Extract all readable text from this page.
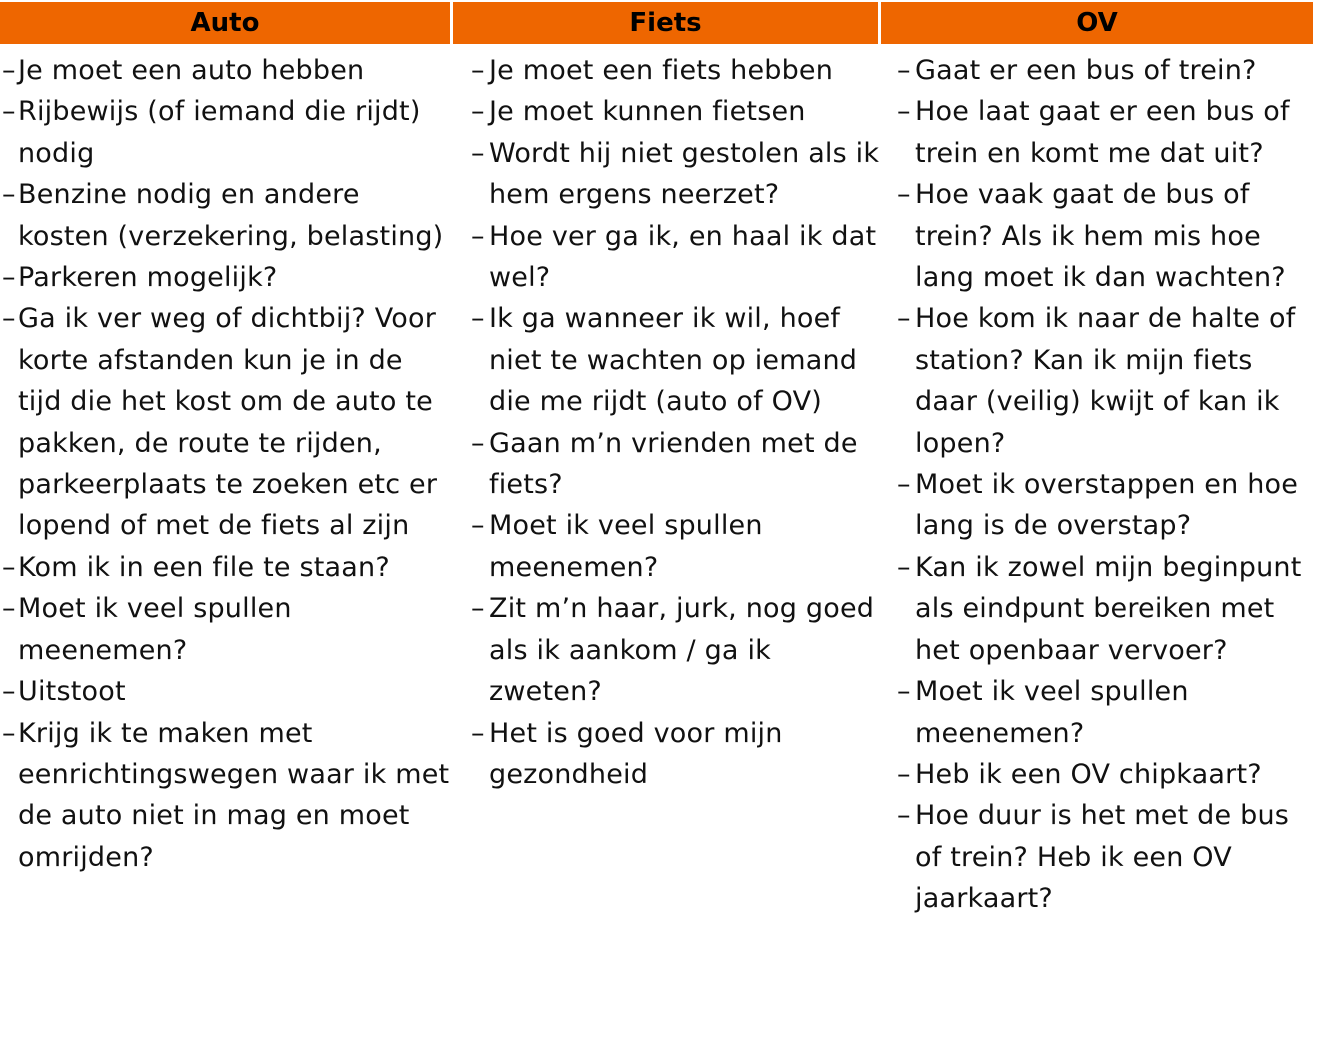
Auto	Fiets	OV
– Je moet een auto hebben
– Rijbewijs (of iemand die rijdt) nodig
– Benzine nodig en andere kosten (verzekering, belasting)
– Parkeren mogelijk?
– Ga ik ver weg of dichtbij? Voor korte afstanden kun je in de tijd die het kost om de auto te pakken, de route te rijden, parkeerplaats te zoeken etc er lopend of met de fiets al zijn
– Kom ik in een file te staan?
– Moet ik veel spullen meenemen?
– Uitstoot
– Krijg ik te maken met eenrichtingswegen waar ik met de auto niet in mag en moet omrijden?
– Je moet een fiets hebben
– Je moet kunnen fietsen
– Wordt hij niet gestolen als ik hem ergens neerzet?
– Hoe ver ga ik, en haal ik dat wel?
– Ik ga wanneer ik wil, hoef niet te wachten op iemand die me rijdt (auto of OV)
– Gaan m’n vrienden met de fiets?
– Moet ik veel spullen meenemen?
– Zit m’n haar, jurk, nog goed als ik aankom / ga ik zweten?
– Het is goed voor mijn gezondheid
– Gaat er een bus of trein?
– Hoe laat gaat er een bus of trein en komt me dat uit?
– Hoe vaak gaat de bus of trein? Als ik hem mis hoe lang moet ik dan wachten?
– Hoe kom ik naar de halte of station? Kan ik mijn fiets daar (veilig) kwijt of kan ik lopen?
– Moet ik overstappen en hoe lang is de overstap?
– Kan ik zowel mijn beginpunt als eindpunt bereiken met het openbaar vervoer?
– Moet ik veel spullen meenemen?
– Heb ik een OV chipkaart?
– Hoe duur is het met de bus of trein? Heb ik een OV jaarkaart?
